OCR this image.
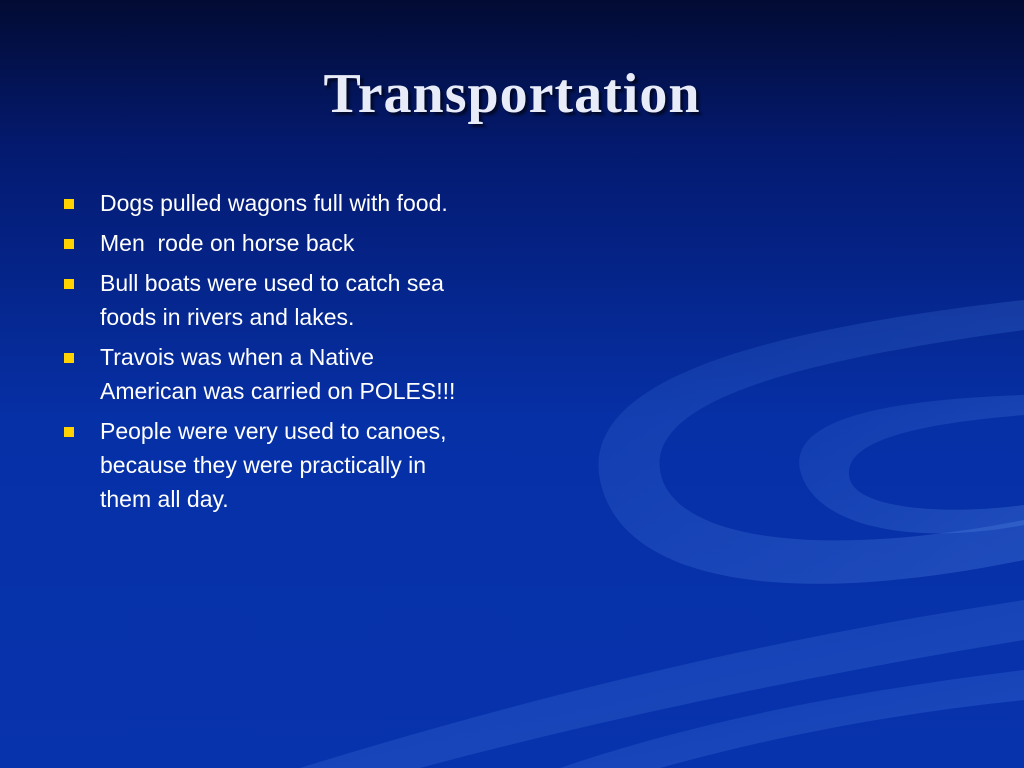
Transportation
Dogs pulled wagons full with food.
Men  rode on horse back
Bull boats were used to catch sea foods in rivers and lakes.
Travois was when a Native American was carried on POLES!!!
People were very used to canoes, because they were practically in them all day.
